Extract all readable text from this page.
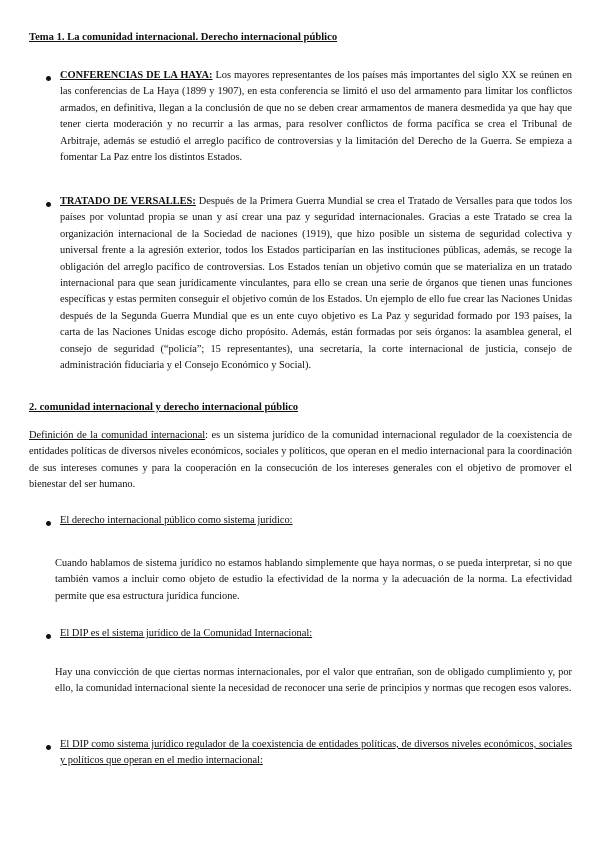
Tema 1. La comunidad internacional. Derecho internacional público
CONFERENCIAS DE LA HAYA: Los mayores representantes de los países más importantes del siglo XX se reúnen en las conferencias de La Haya (1899 y 1907), en esta conferencia se limitó el uso del armamento para limitar los conflictos armados, en definitiva, llegan a la conclusión de que no se deben crear armamentos de manera desmedida ya que hay que tener cierta moderación y no recurrir a las armas, para resolver conflictos de forma pacífica se crea el Tribunal de Arbitraje, además se estudió el arreglo pacífico de controversias y la limitación del Derecho de la Guerra. Se empieza a fomentar La Paz entre los distintos Estados.
TRATADO DE VERSALLES: Después de la Primera Guerra Mundial se crea el Tratado de Versalles para que todos los países por voluntad propia se unan y así crear una paz y seguridad internacionales. Gracias a este Tratado se crea la organización internacional de la Sociedad de naciones (1919), que hizo posible un sistema de seguridad colectiva y universal frente a la agresión exterior, todos los Estados participarían en las instituciones públicas, además, se recoge la obligación del arreglo pacífico de controversias. Los Estados tenían un objetivo común que se materializa en un tratado internacional para que sean jurídicamente vinculantes, para ello se crean una serie de órganos que tienen unas funciones específicas y estas permiten conseguir el objetivo común de los Estados. Un ejemplo de ello fue crear las Naciones Unidas después de la Segunda Guerra Mundial que es un ente cuyo objetivo es La Paz y seguridad formado por 193 países, la carta de las Naciones Unidas escoge dicho propósito. Además, están formadas por seis órganos: la asamblea general, el consejo de seguridad (“policía”; 15 representantes), una secretaría, la corte internacional de justicia, consejo de administración fiduciaria y el Consejo Económico y Social).
2. comunidad internacional y derecho internacional público
Definición de la comunidad internacional: es un sistema jurídico de la comunidad internacional regulador de la coexistencia de entidades políticas de diversos niveles económicos, sociales y políticos, que operan en el medio internacional para la coordinación de sus intereses comunes y para la cooperación en la consecución de los intereses generales con el objetivo de promover el bienestar del ser humano.
El derecho internacional público como sistema jurídico:
Cuando hablamos de sistema jurídico no estamos hablando simplemente que haya normas, o se pueda interpretar, si no que también vamos a incluir como objeto de estudio la efectividad de la norma y la adecuación de la norma. La efectividad permite que esa estructura jurídica funcione.
El DIP es el sistema jurídico de la Comunidad Internacional:
Hay una convicción de que ciertas normas internacionales, por el valor que entrañan, son de obligado cumplimiento y, por ello, la comunidad internacional siente la necesidad de reconocer una serie de principios y normas que recogen esos valores.
El DIP como sistema jurídico regulador de la coexistencia de entidades políticas, de diversos niveles económicos, sociales y políticos que operan en el medio internacional:
